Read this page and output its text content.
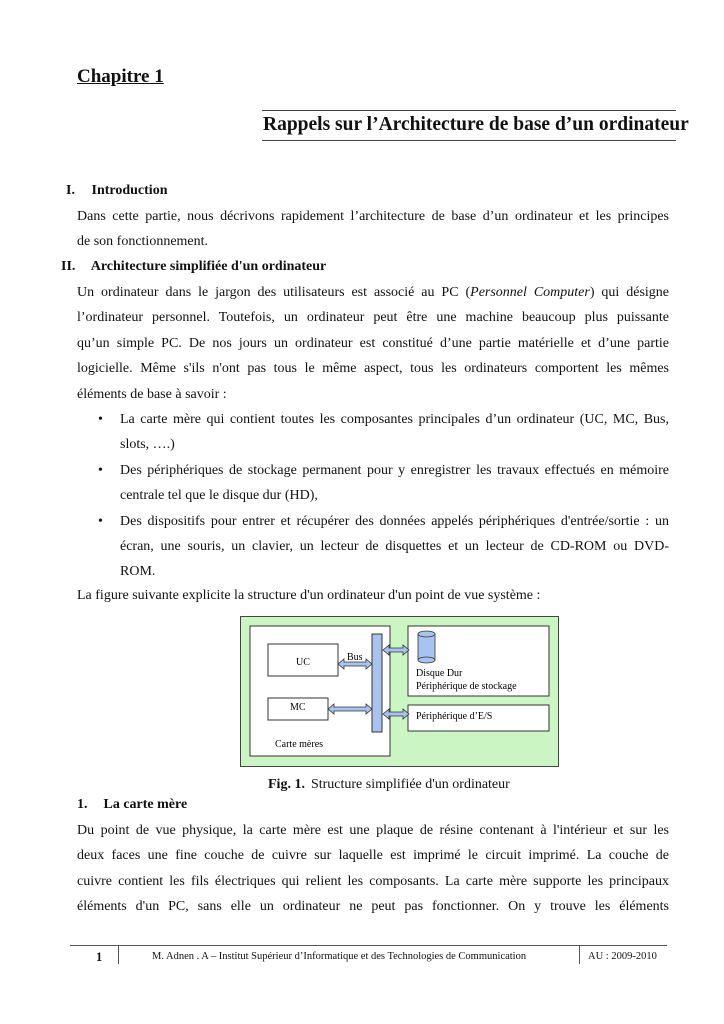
Chapitre 1
Rappels sur l’Architecture de base d’un ordinateur
I. Introduction
Dans cette partie, nous décrivons rapidement l’architecture de base d’un ordinateur et les principes
de son fonctionnement.
II. Architecture simplifiée d'un ordinateur
Un ordinateur dans le jargon des utilisateurs est associé au PC (Personnel Computer) qui désigne
l’ordinateur personnel. Toutefois, un ordinateur peut être une machine beaucoup plus puissante
qu’un simple PC. De nos jours un ordinateur est constitué d’une partie matérielle et d’une partie
logicielle. Même s'ils n'ont pas tous le même aspect, tous les ordinateurs comportent les mêmes
éléments de base à savoir :
• La carte mère qui contient toutes les composantes principales d’un ordinateur (UC, MC, Bus,
slots, ….)
• Des périphériques de stockage permanent pour y enregistrer les travaux effectués en mémoire
centrale tel que le disque dur (HD),
• Des dispositifs pour entrer et récupérer des données appelés périphériques d'entrée/sortie : un
écran, une souris, un clavier, un lecteur de disquettes et un lecteur de CD-ROM ou DVD-
ROM.
La figure suivante explicite la structure d'un ordinateur d'un point de vue système :
Carte mères
UC
MC
Bus
Disque Dur
Périphérique de stockage
Périphérique d’E/S
Fig. 1. Structure simplifiée d'un ordinateur
1. La carte mère
Du point de vue physique, la carte mère est une plaque de résine contenant à l'intérieur et sur les
deux faces une fine couche de cuivre sur laquelle est imprimé le circuit imprimé. La couche de
cuivre contient les fils électriques qui relient les composants. La carte mère supporte les principaux
éléments d'un PC, sans elle un ordinateur ne peut pas fonctionner. On y trouve les éléments
1	M. Adnen . A – Institut Supérieur d’Informatique et des Technologies de Communication	AU : 2009-2010
